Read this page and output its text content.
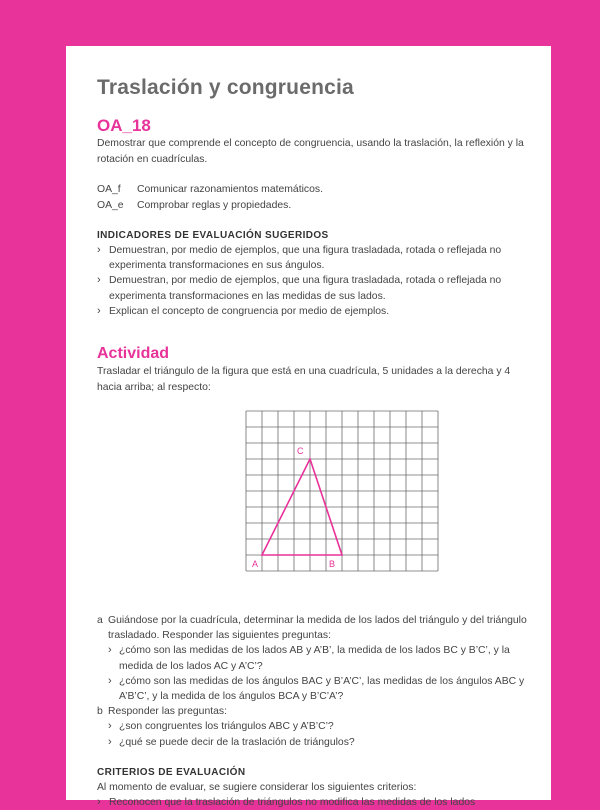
Traslación y congruencia
OA_18
Demostrar que comprende el concepto de congruencia, usando la traslación, la reflexión y la rotación en cuadrículas.
OA_f	Comunicar razonamientos matemáticos.
OA_e	Comprobar reglas y propiedades.
INDICADORES DE EVALUACIÓN SUGERIDOS
› Demuestran, por medio de ejemplos, que una figura trasladada, rotada o reflejada no experimenta transformaciones en sus ángulos.
› Demuestran, por medio de ejemplos, que una figura trasladada, rotada o reflejada no experimenta transformaciones en las medidas de sus lados.
› Explican el concepto de congruencia por medio de ejemplos.
Actividad
Trasladar el triángulo de la figura que está en una cuadrícula, 5 unidades a la derecha y 4 hacia arriba; al respecto:
A	B
C
a Guiándose por la cuadrícula, determinar la medida de los lados del triángulo y del triángulo trasladado. Responder las siguientes preguntas:
› ¿cómo son las medidas de los lados AB y A’B’, la medida de los lados BC y B’C’, y la medida de los lados AC y A’C’?
› ¿cómo son las medidas de los ángulos BAC y B’A’C’, las medidas de los ángulos ABC y A’B’C’, y la medida de los ángulos BCA y B’C’A’?
b Responder las preguntas:
› ¿son congruentes los triángulos ABC y A’B’C’?
› ¿qué se puede decir de la traslación de triángulos?
CRITERIOS DE EVALUACIÓN
Al momento de evaluar, se sugiere considerar los siguientes criterios:
› Reconocen que la traslación de triángulos no modifica las medidas de los lados
